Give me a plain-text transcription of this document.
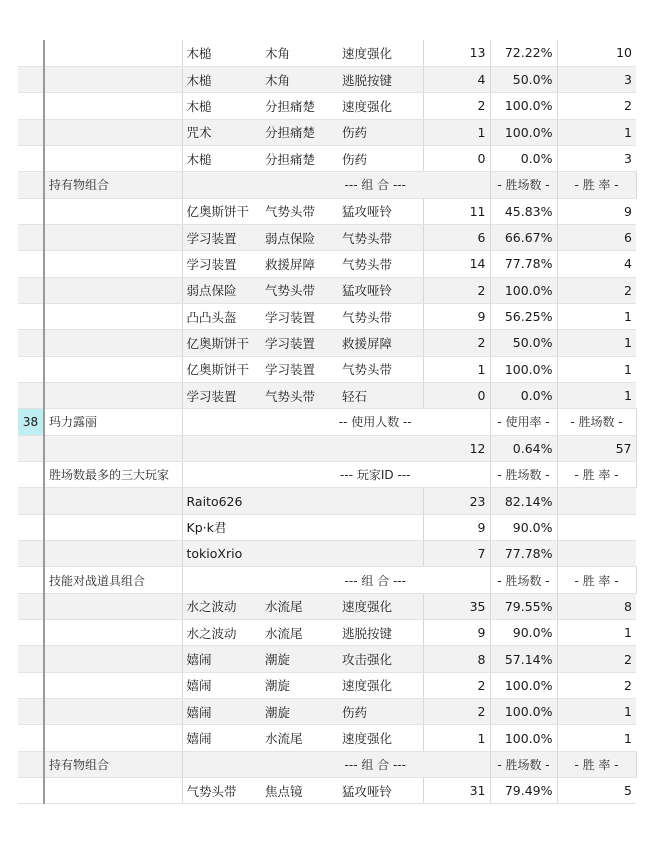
		木槌	木角	速度强化	13	72.22%	10	
		木槌	木角	逃脱按键	4	50.0%	3	
		木槌	分担痛楚	速度强化	2	100.0%	2	
		咒术	分担痛楚	伤药	1	100.0%	1	
		木槌	分担痛楚	伤药	0	0.0%	3	
	持有物组合		--- 组 合 ---			- 胜场数 -	- 胜 率 -	
		亿奥斯饼干	气势头带	猛攻哑铃	11	45.83%	9	
		学习装置	弱点保险	气势头带	6	66.67%	6	
		学习装置	救援屏障	气势头带	14	77.78%	4	
		弱点保险	气势头带	猛攻哑铃	2	100.0%	2	
		凸凸头盔	学习装置	气势头带	9	56.25%	1	
		亿奥斯饼干	学习装置	救援屏障	2	50.0%	1	
		亿奥斯饼干	学习装置	气势头带	1	100.0%	1	
		学习装置	气势头带	轻石	0	0.0%	1	
38	玛力露丽		-- 使用人数 --			- 使用率 -	- 胜场数 -	
					12	0.64%	57	
	胜场数最多的三大玩家		--- 玩家ID ---			- 胜场数 -	- 胜 率 -	
		Raito626			23	82.14%		
		Kp·k君			9	90.0%		
		tokioXrio			7	77.78%		
	技能对战道具组合		--- 组 合 ---			- 胜场数 -	- 胜 率 -	
		水之波动	水流尾	速度强化	35	79.55%	8	
		水之波动	水流尾	逃脱按键	9	90.0%	1	
		嬉闹	潮旋	攻击强化	8	57.14%	2	
		嬉闹	潮旋	速度强化	2	100.0%	2	
		嬉闹	潮旋	伤药	2	100.0%	1	
		嬉闹	水流尾	速度强化	1	100.0%	1	
	持有物组合		--- 组 合 ---			- 胜场数 -	- 胜 率 -	
		气势头带	焦点镜	猛攻哑铃	31	79.49%	5	
